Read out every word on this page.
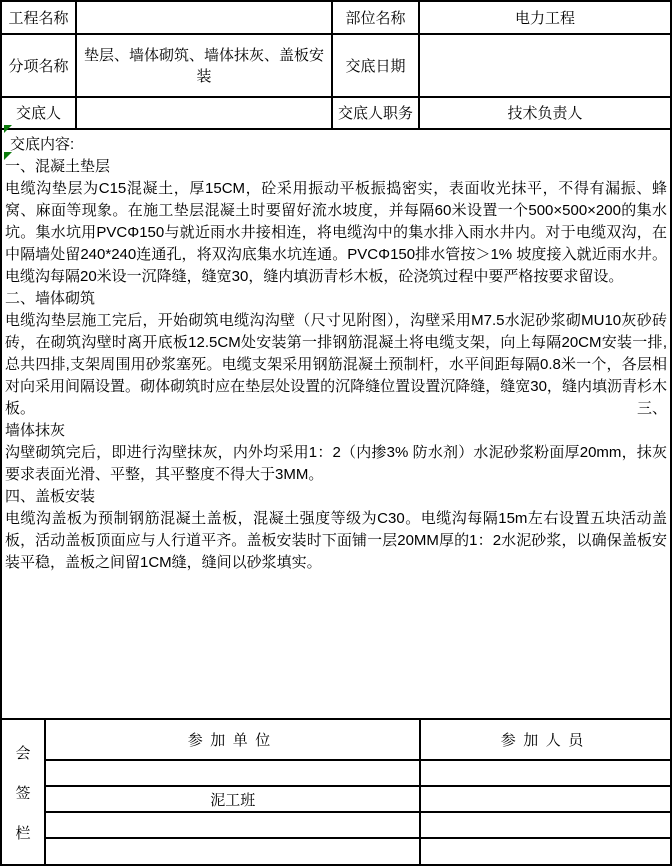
工程名称		部位名称	电力工程
分项名称	垫层、墙体砌筑、墙体抹灰、盖板安装	交底日期	
交底人		交底人职务	技术负责人
交底内容:
一、混凝土垫层
电缆沟垫层为C15混凝土，厚15CM，砼采用振动平板振捣密实，表面收光抹平，不得有漏振、蜂窝、麻面等现象。在施工垫层混凝土时要留好流水坡度，并每隔60米设置一个500×500×200的集水坑。集水坑用PVCΦ150与就近雨水井接相连，将电缆沟中的集水排入雨水井内。对于电缆双沟，在中隔墙处留240*240连通孔，将双沟底集水坑连通。PVCΦ150排水管按＞1% 坡度接入就近雨水井。电缆沟每隔20米设一沉降缝，缝宽30，缝内填沥青杉木板，砼浇筑过程中要严格按要求留设。
二、墙体砌筑
电缆沟垫层施工完后，开始砌筑电缆沟沟壁（尺寸见附图），沟壁采用M7.5水泥砂浆砌MU10灰砂砖砖，在砌筑沟壁时离开底板12.5CM处安装第一排钢筋混凝土将电缆支架，向上每隔20CM安装一排,总共四排,支架周围用砂浆塞死。电缆支架采用钢筋混凝土预制杆，水平间距每隔0.8米一个，各层相对向采用间隔设置。砌体砌筑时应在垫层处设置的沉降缝位置设置沉降缝，缝宽30，缝内填沥青杉木板。	三、
墙体抹灰
沟壁砌筑完后，即进行沟壁抹灰，内外均采用1：2（内掺3% 防水剂）水泥砂浆粉面厚20mm，抹灰要求表面光滑、平整，其平整度不得大于3MM。
四、盖板安装
电缆沟盖板为预制钢筋混凝土盖板，混凝土强度等级为C30。电缆沟每隔15m左右设置五块活动盖板，活动盖板顶面应与人行道平齐。盖板安装时下面铺一层20MM厚的1：2水泥砂浆，以确保盖板安装平稳，盖板之间留1CM缝，缝间以砂浆填实。
会
签
栏
参加单位	参加人员

泥工班	
